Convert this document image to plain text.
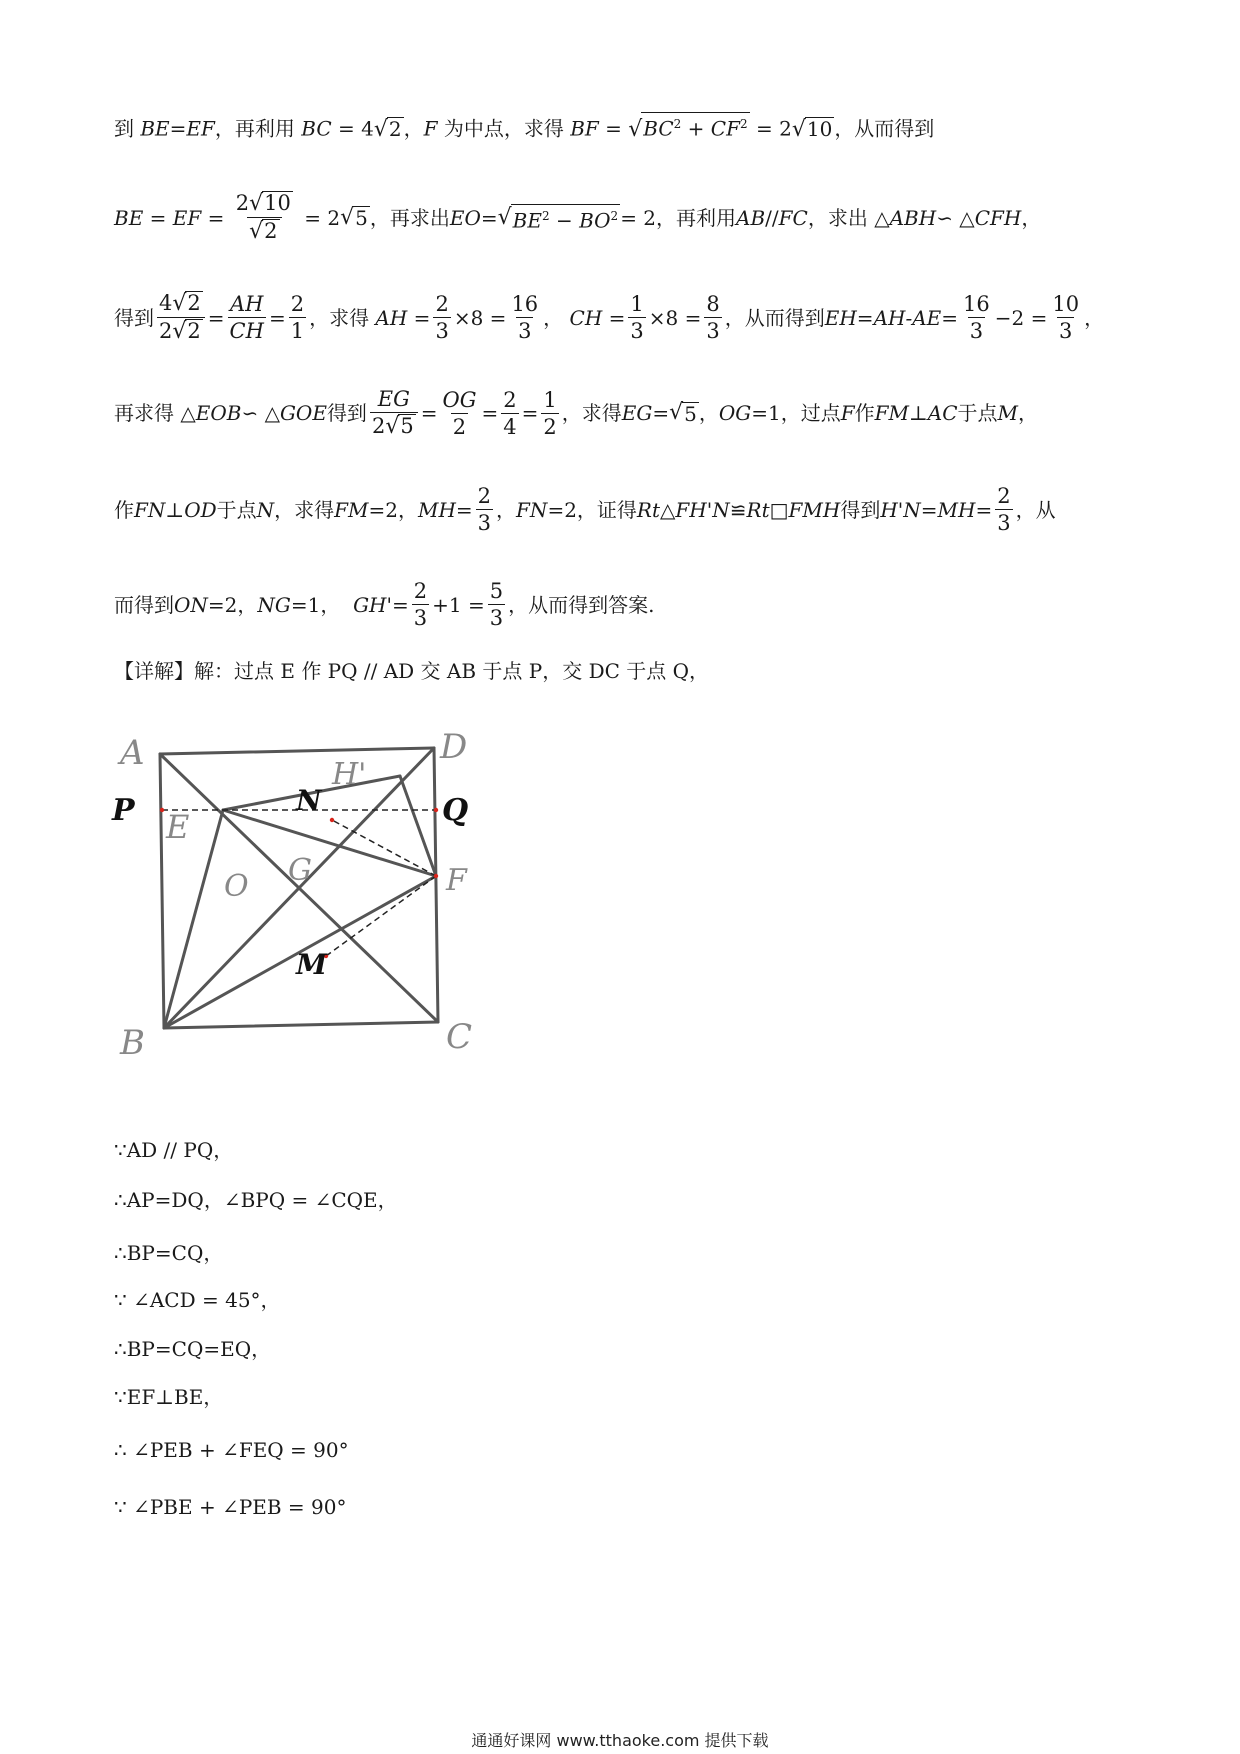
到 BE=EF，再利用 BC = 4√2 ，F 为中点，求得 BF = $√BC^2 + CF^2 = 2√10$ ，从而得到
BE = EF = $\frac{2√10}{√2} = 2$ √ 5 ，再求出 EO = √ $BE^2 - BO^2 = 2$，再利用 AB // FC ，求出 △ ABH ∽ △ CFH ，
得到 $\frac{4√2}{2√2} = \frac{AH}{CH} = \frac{2}{1}$ ，求得 AH = $\frac{2}{3} \times 8 = \frac{16}{3}$ ， CH = $\frac{1}{3} \times 8 = \frac{8}{3}$ ，从而得到 $EH=AH-AE= \frac{16}{3} -2 = \frac{10}{3}$ ，
再求得 △ EOB ∽ △ GOE 得到 $\frac{EG}{2√5} = \frac{OG}{2} = \frac{2}{4} = \frac{1}{2}$ ，求得 EG= √ 5 ， OG =1，过点 F 作 FM ⊥ AC 于点 M ，
作 FN ⊥ OD 于点 N ，求得 FM =2， MH = $\frac{2}{3}$ ， FN =2，证得 Rt △ FH'N ≌ Rt □ FMH 得到 H'N = MH = $\frac{2}{3}$ ，从
而得到 ON =2， NG =1， $GH' = \frac{2}{3} +1 = \frac{5}{3}$ ，从而得到答案.
【详解】解：过点 E 作 PQ // AD 交 AB 于点 P，交 DC 于点 Q，
A	D
P	Q
E
N
H'
G
O	F
M
B	C
∵AD // PQ，
∴AP=DQ，∠BPQ = ∠CQE，
∴BP=CQ，
∵ ∠ACD = 45°，
∴BP=CQ=EQ，
∵EF⊥BE，
∴ ∠PEB + ∠FEQ = 90°
∵ ∠PBE + ∠PEB = 90°
通通好课网 www.tthaoke.com 提供下载
